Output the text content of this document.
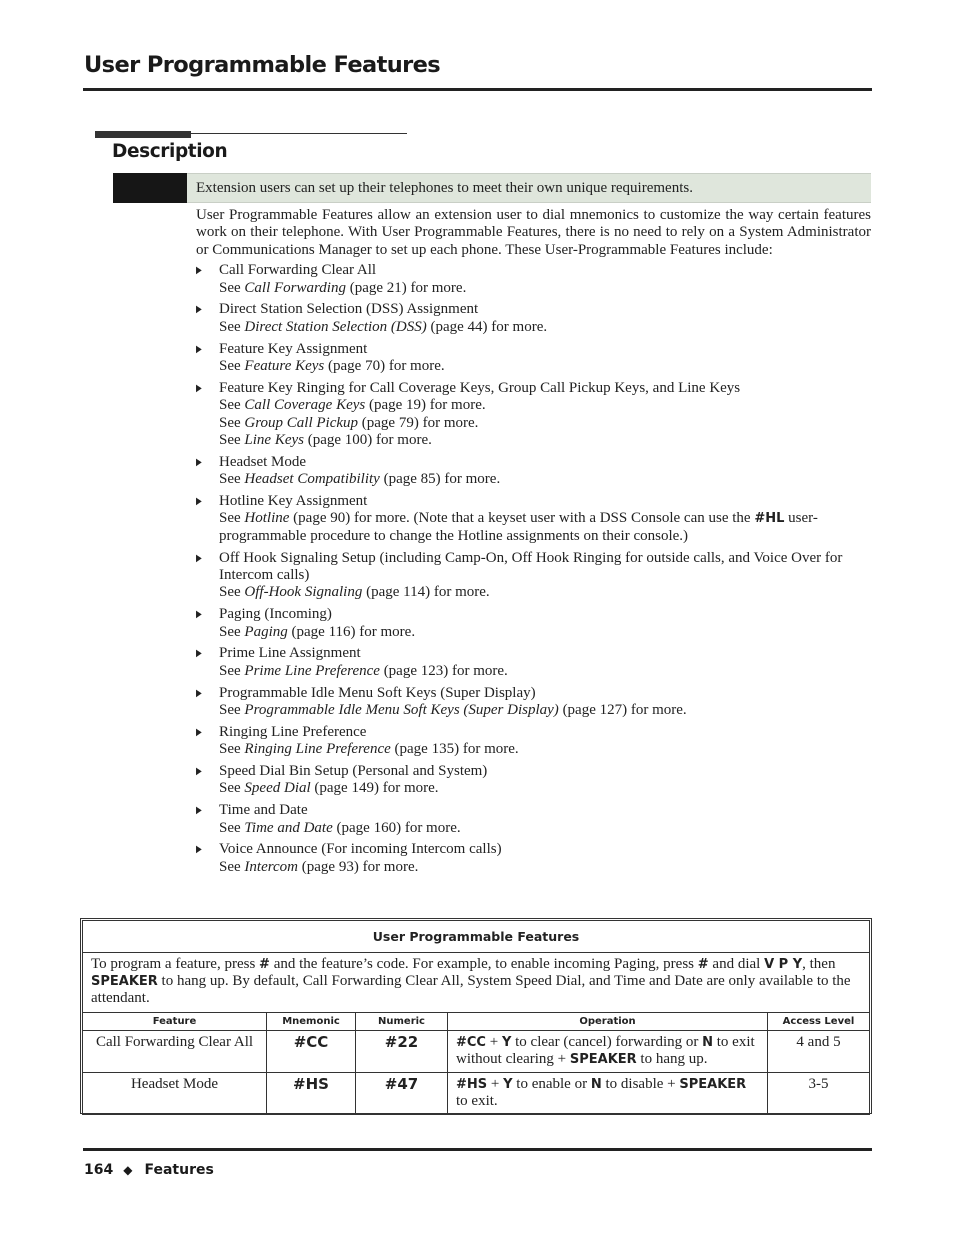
User Programmable Features
Description
Extension users can set up their telephones to meet their own unique requirements.

User Programmable Features allow an extension user to dial mnemonics to customize the way certain features work on their telephone. With User Programmable Features, there is no need to rely on a System Administrator or Communications Manager to set up each phone. These User-Programmable Features include:

▶ Call Forwarding Clear All
See Call Forwarding (page 21) for more.
▶ Direct Station Selection (DSS) Assignment
See Direct Station Selection (DSS) (page 44) for more.
▶ Feature Key Assignment
See Feature Keys (page 70) for more.
▶ Feature Key Ringing for Call Coverage Keys, Group Call Pickup Keys, and Line Keys
See Call Coverage Keys (page 19) for more.
See Group Call Pickup (page 79) for more.
See Line Keys (page 100) for more.
▶ Headset Mode
See Headset Compatibility (page 85) for more.
▶ Hotline Key Assignment
See Hotline (page 90) for more. (Note that a keyset user with a DSS Console can use the #HL user-programmable procedure to change the Hotline assignments on their console.)
▶ Off Hook Signaling Setup (including Camp-On, Off Hook Ringing for outside calls, and Voice Over for Intercom calls)
See Off-Hook Signaling (page 114) for more.
▶ Paging (Incoming)
See Paging (page 116) for more.
▶ Prime Line Assignment
See Prime Line Preference (page 123) for more.
▶ Programmable Idle Menu Soft Keys (Super Display)
See Programmable Idle Menu Soft Keys (Super Display) (page 127) for more.
▶ Ringing Line Preference
See Ringing Line Preference (page 135) for more.
▶ Speed Dial Bin Setup (Personal and System)
See Speed Dial (page 149) for more.
▶ Time and Date
See Time and Date (page 160) for more.
▶ Voice Announce (For incoming Intercom calls)
See Intercom (page 93) for more.
User Programmable Features				
To program a feature, press # and the feature’s code. For example, to enable incoming Paging, press # and dial V P Y, then SPEAKER to hang up. By default, Call Forwarding Clear All, System Speed Dial, and Time and Date are only available to the attendant.				
Feature	Mnemonic	Numeric	Operation	Access Level
Call Forwarding Clear All	#CC	#22	#CC + Y to clear (cancel) forwarding or N to exit without clearing + SPEAKER to hang up.	4 and 5
Headset Mode	#HS	#47	#HS + Y to enable or N to disable + SPEAKER to exit.	3-5
164 ◆ Features
